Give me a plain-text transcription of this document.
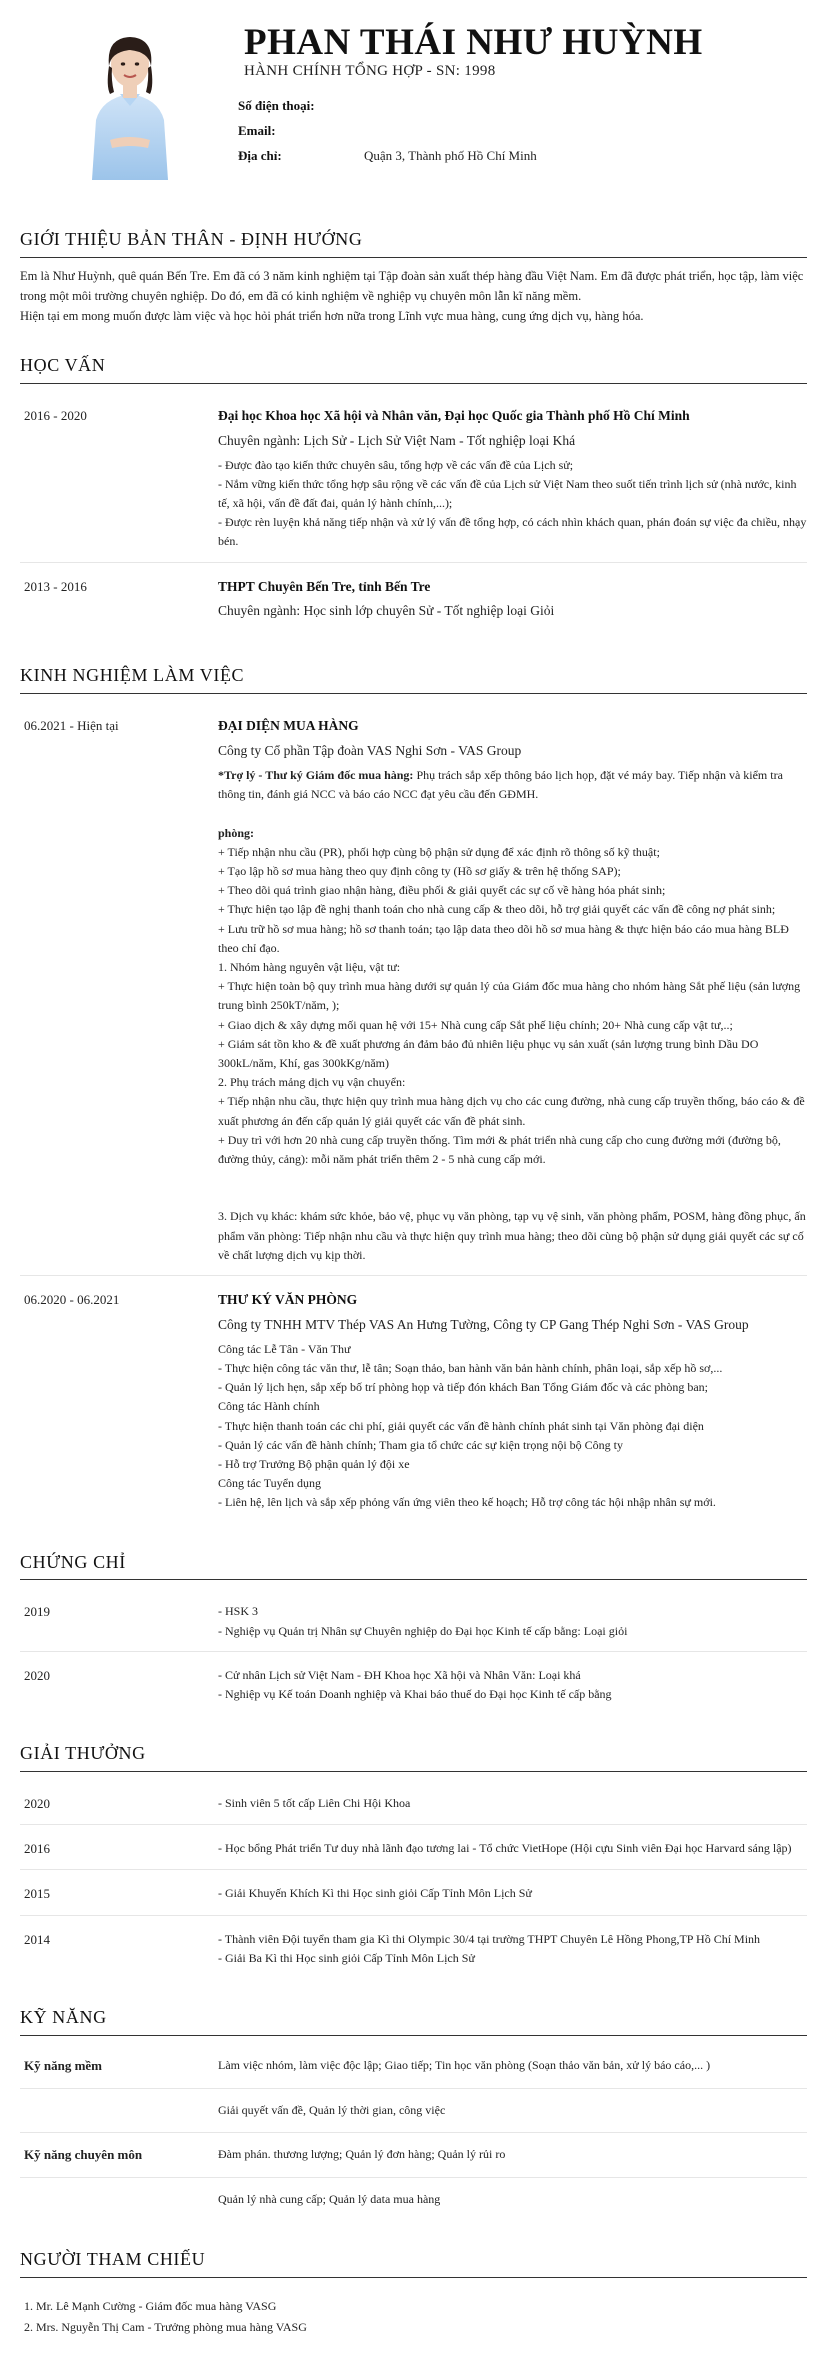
PHAN THÁI NHƯ HUỲNH
HÀNH CHÍNH TỔNG HỢP - SN: 1998
Số điện thoại:
Email:
Địa chỉ:	Quận 3, Thành phố Hồ Chí Minh
GIỚI THIỆU BẢN THÂN - ĐỊNH HƯỚNG

Em là Như Huỳnh, quê quán Bến Tre. Em đã có 3 năm kinh nghiệm tại Tập đoàn sản xuất thép hàng đầu Việt Nam. Em đã được phát triển, học tập, làm việc trong một môi trường chuyên nghiệp. Do đó, em đã có kinh nghiệm về nghiệp vụ chuyên môn lẫn kĩ năng mềm.

Hiện tại em mong muốn được làm việc và học hỏi phát triển hơn nữa trong Lĩnh vực mua hàng, cung ứng dịch vụ, hàng hóa.

HỌC VẤN
2016 - 2020	Đại học Khoa học Xã hội và Nhân văn, Đại học Quốc gia Thành phố Hồ Chí Minh
Chuyên ngành: Lịch Sử - Lịch Sử Việt Nam - Tốt nghiệp loại Khá
- Được đào tạo kiến thức chuyên sâu, tổng hợp về các vấn đề của Lịch sử;
- Nắm vững kiến thức tổng hợp sâu rộng về các vấn đề của Lịch sử Việt Nam theo suốt tiến trình lịch sử (nhà nước, kinh tế, xã hội, vấn đề đất đai, quản lý hành chính,...);
- Được rèn luyện khả năng tiếp nhận và xử lý vấn đề tổng hợp, có cách nhìn khách quan, phán đoán sự việc đa chiều, nhạy bén.
2013 - 2016	THPT Chuyên Bến Tre, tỉnh Bến Tre
Chuyên ngành: Học sinh lớp chuyên Sử - Tốt nghiệp loại Giỏi
KINH NGHIỆM LÀM VIỆC
06.2021 - Hiện tại	ĐẠI DIỆN MUA HÀNG
Công ty Cổ phần Tập đoàn VAS Nghi Sơn - VAS Group
*Trợ lý - Thư ký Giám đốc mua hàng: Phụ trách sắp xếp thông báo lịch họp, đặt vé máy bay. Tiếp nhận và kiểm tra thông tin, đánh giá NCC và báo cáo NCC đạt yêu cầu đến GĐMH.

phòng:
+ Tiếp nhận nhu cầu (PR), phối hợp cùng bộ phận sử dụng để xác định rõ thông số kỹ thuật;
+ Tạo lập hồ sơ mua hàng theo quy định công ty (Hồ sơ giấy & trên hệ thống SAP);
+ Theo dõi quá trình giao nhận hàng, điều phối & giải quyết các sự cố về hàng hóa phát sinh;
+ Thực hiện tạo lập đề nghị thanh toán cho nhà cung cấp & theo dõi, hỗ trợ giải quyết các vấn đề công nợ phát sinh;
+ Lưu trữ hồ sơ mua hàng; hồ sơ thanh toán; tạo lập data theo dõi hồ sơ mua hàng & thực hiện báo cáo mua hàng BLĐ theo chỉ đạo.
1. Nhóm hàng nguyên vật liệu, vật tư:
+ Thực hiện toàn bộ quy trình mua hàng dưới sự quản lý của Giám đốc mua hàng cho nhóm hàng Sắt phế liệu (sản lượng trung bình 250kT/năm, );
+ Giao dịch & xây dựng mối quan hệ với 15+ Nhà cung cấp Sắt phế liệu chính; 20+ Nhà cung cấp vật tư,..;
+ Giám sát tồn kho & đề xuất phương án đảm bảo đủ nhiên liệu phục vụ sản xuất (sản lượng trung bình Dầu DO 300kL/năm, Khí, gas 300kKg/năm)
2. Phụ trách mảng dịch vụ vận chuyển:
+ Tiếp nhận nhu cầu, thực hiện quy trình mua hàng dịch vụ cho các cung đường, nhà cung cấp truyền thống, báo cáo & đề xuất phương án đến cấp quản lý giải quyết các vấn đề phát sinh.
+ Duy trì với hơn 20 nhà cung cấp truyền thống. Tìm mới & phát triển nhà cung cấp cho cung đường mới (đường bộ, đường thủy, cảng): mỗi năm phát triển thêm 2 - 5 nhà cung cấp mới.

3. Dịch vụ khác: khám sức khỏe, bảo vệ, phục vụ văn phòng, tạp vụ vệ sinh, văn phòng phẩm, POSM, hàng đồng phục, ấn phẩm văn phòng: Tiếp nhận nhu cầu và thực hiện quy trình mua hàng; theo dõi cùng bộ phận sử dụng giải quyết các sự cố về chất lượng dịch vụ kịp thời.
06.2020 - 06.2021	THƯ KÝ VĂN PHÒNG
Công ty TNHH MTV Thép VAS An Hưng Tường, Công ty CP Gang Thép Nghi Sơn - VAS Group
Công tác Lễ Tân - Văn Thư
- Thực hiện công tác văn thư, lễ tân; Soạn thảo, ban hành văn bản hành chính, phân loại, sắp xếp hồ sơ,...
- Quản lý lịch hẹn, sắp xếp bố trí phòng họp và tiếp đón khách Ban Tổng Giám đốc và các phòng ban;
Công tác Hành chính
- Thực hiện thanh toán các chi phí, giải quyết các vấn đề hành chính phát sinh tại Văn phòng đại diện
- Quản lý các vấn đề hành chính; Tham gia tổ chức các sự kiện trọng nội bộ Công ty
- Hỗ trợ Trưởng Bộ phận quản lý đội xe
Công tác Tuyển dụng
- Liên hệ, lên lịch và sắp xếp phỏng vấn ứng viên theo kế hoạch; Hỗ trợ công tác hội nhập nhân sự mới.
CHỨNG CHỈ
2019	- HSK 3
- Nghiệp vụ Quản trị Nhân sự Chuyên nghiệp do Đại học Kinh tế cấp bằng: Loại giỏi
2020	- Cử nhân Lịch sử Việt Nam - ĐH Khoa học Xã hội và Nhân Văn: Loại khá
- Nghiệp vụ Kế toán Doanh nghiệp và Khai báo thuế do Đại học Kinh tế cấp bằng
GIẢI THƯỞNG
2020	- Sinh viên 5 tốt cấp Liên Chi Hội Khoa
2016	- Học bổng Phát triển Tư duy nhà lãnh đạo tương lai - Tổ chức VietHope (Hội cựu Sinh viên Đại học Harvard sáng lập)
2015	- Giải Khuyến Khích Kì thi Học sinh giỏi Cấp Tỉnh Môn Lịch Sử
2014	- Thành viên Đội tuyển tham gia Kì thi Olympic 30/4 tại trường THPT Chuyên Lê Hồng Phong,TP Hồ Chí Minh
- Giải Ba Kì thi Học sinh giỏi Cấp Tỉnh Môn Lịch Sử
KỸ NĂNG
Kỹ năng mềm	Làm việc nhóm, làm việc độc lập; Giao tiếp; Tin học văn phòng (Soạn thảo văn bản, xử lý báo cáo,... )
Giải quyết vấn đề, Quản lý thời gian, công việc
Kỹ năng chuyên môn	Đàm phán. thương lượng; Quản lý đơn hàng; Quản lý rủi ro
Quản lý nhà cung cấp; Quản lý data mua hàng
NGƯỜI THAM CHIẾU
1. Mr. Lê Mạnh Cường - Giám đốc mua hàng VASG
2. Mrs. Nguyễn Thị Cam - Trưởng phòng mua hàng VASG
